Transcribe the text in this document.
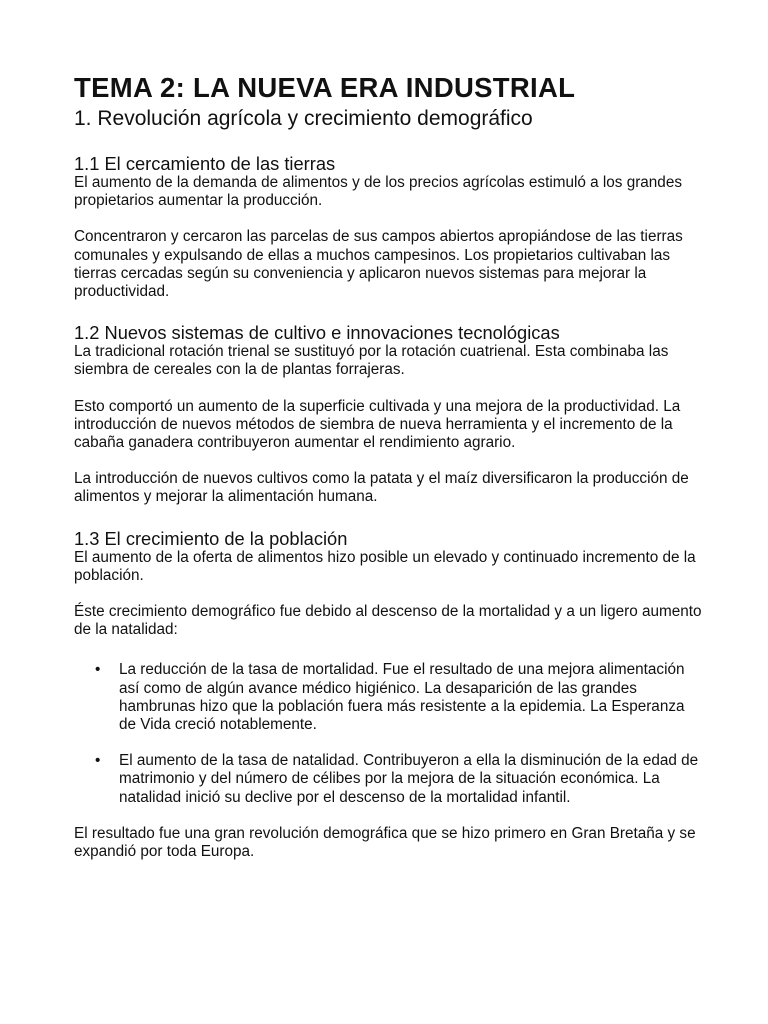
TEMA 2: LA NUEVA ERA INDUSTRIAL
1. Revolución agrícola y crecimiento demográfico
1.1 El cercamiento de las tierras

El aumento de la demanda de alimentos y de los precios agrícolas estimuló a los grandes propietarios aumentar la producción.

Concentraron y cercaron las parcelas de sus campos abiertos apropiándose de las tierras comunales y expulsando de ellas a muchos campesinos. Los propietarios cultivaban las tierras cercadas según su conveniencia y aplicaron nuevos sistemas para mejorar la productividad.

1.2 Nuevos sistemas de cultivo e innovaciones tecnológicas

La tradicional rotación trienal se sustituyó por la rotación cuatrienal. Esta combinaba las siembra de cereales con la de plantas forrajeras.

Esto comportó un aumento de la superficie cultivada y una mejora de la productividad. La introducción de nuevos métodos de siembra de nueva herramienta y el incremento de la cabaña ganadera contribuyeron aumentar el rendimiento agrario.

La introducción de nuevos cultivos como la patata y el maíz diversificaron la producción de alimentos y mejorar la alimentación humana.

1.3 El crecimiento de la población

El aumento de la oferta de alimentos hizo posible un elevado y continuado incremento de la población.

Éste crecimiento demográfico fue debido al descenso de la mortalidad y a un ligero aumento de la natalidad:

• La reducción de la tasa de mortalidad. Fue el resultado de una mejora alimentación así como de algún avance médico higiénico. La desaparición de las grandes hambrunas hizo que la población fuera más resistente a la epidemia. La Esperanza de Vida creció notablemente.
• El aumento de la tasa de natalidad. Contribuyeron a ella la disminución de la edad de matrimonio y del número de célibes por la mejora de la situación económica. La natalidad inició su declive por el descenso de la mortalidad infantil.

El resultado fue una gran revolución demográfica que se hizo primero en Gran Bretaña y se expandió por toda Europa.
